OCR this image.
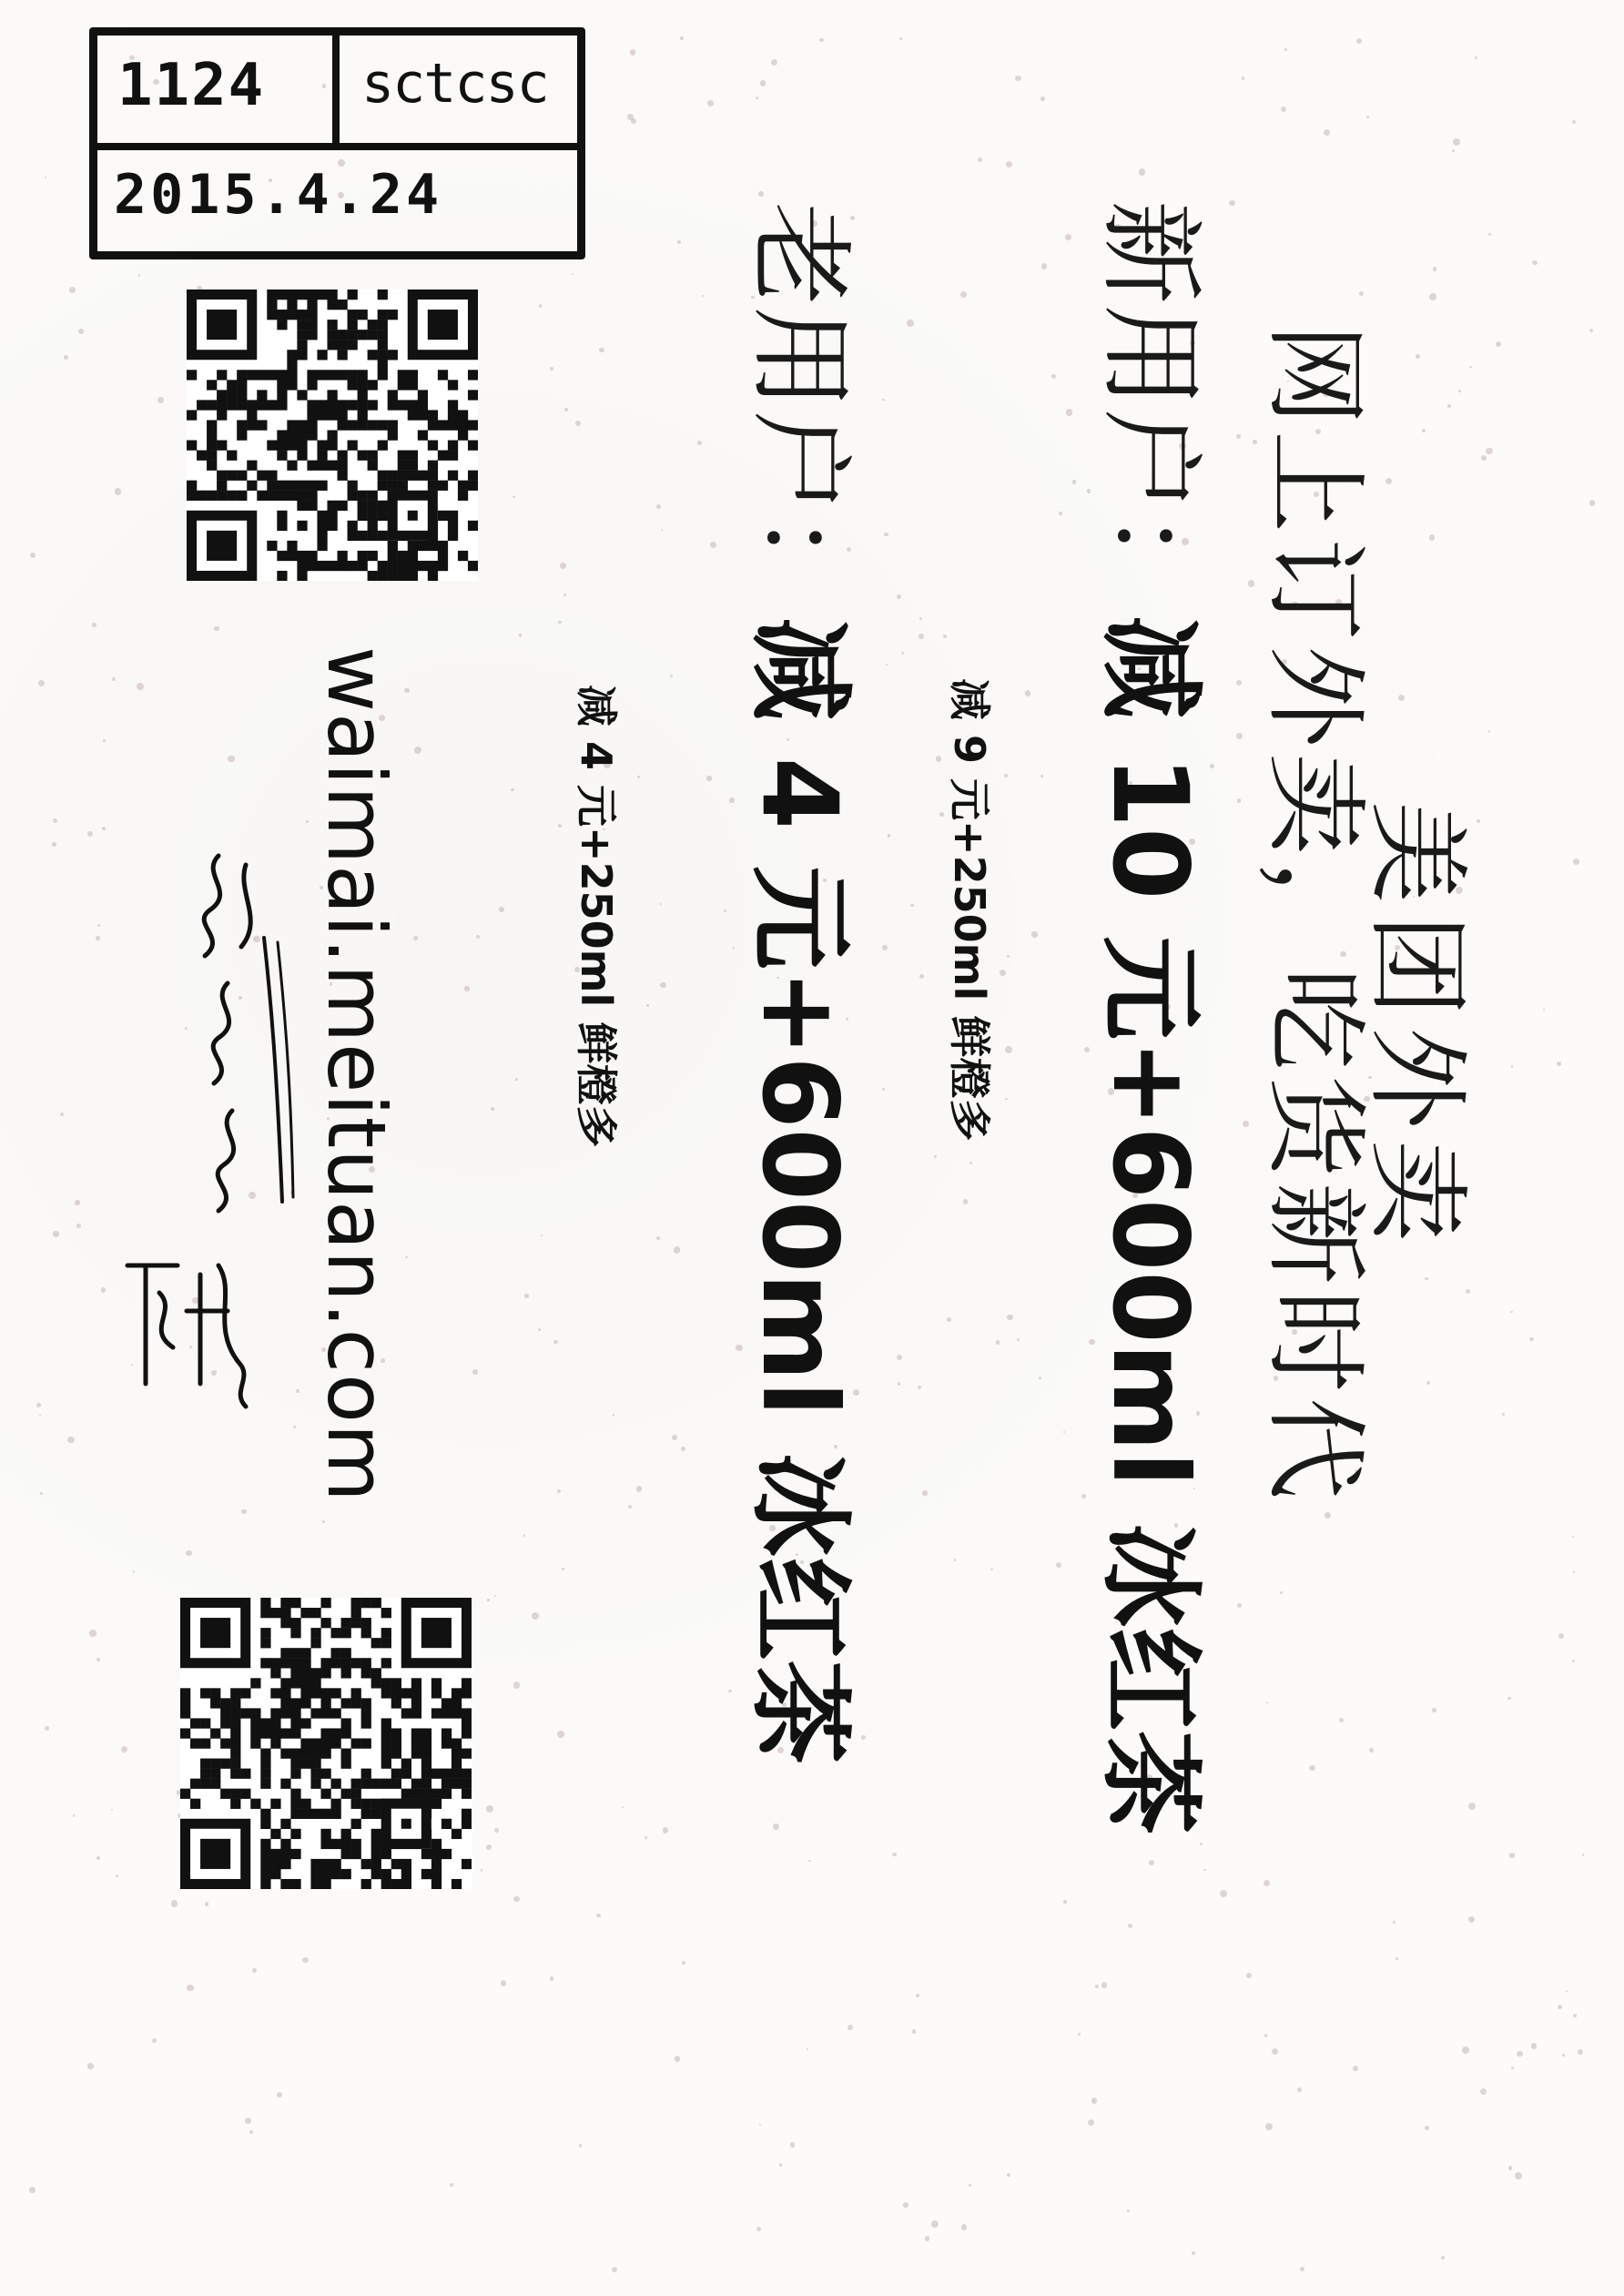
1124 sctcsc
2015.4.24
美团外卖
网上订外卖，吃货新时代
新用户：减 10 元+600ml 冰红茶
减 9 元+250ml 鲜橙多
老用户：减 4 元+600ml 冰红茶
减 4 元+250ml 鲜橙多
waimai.meituan.com
